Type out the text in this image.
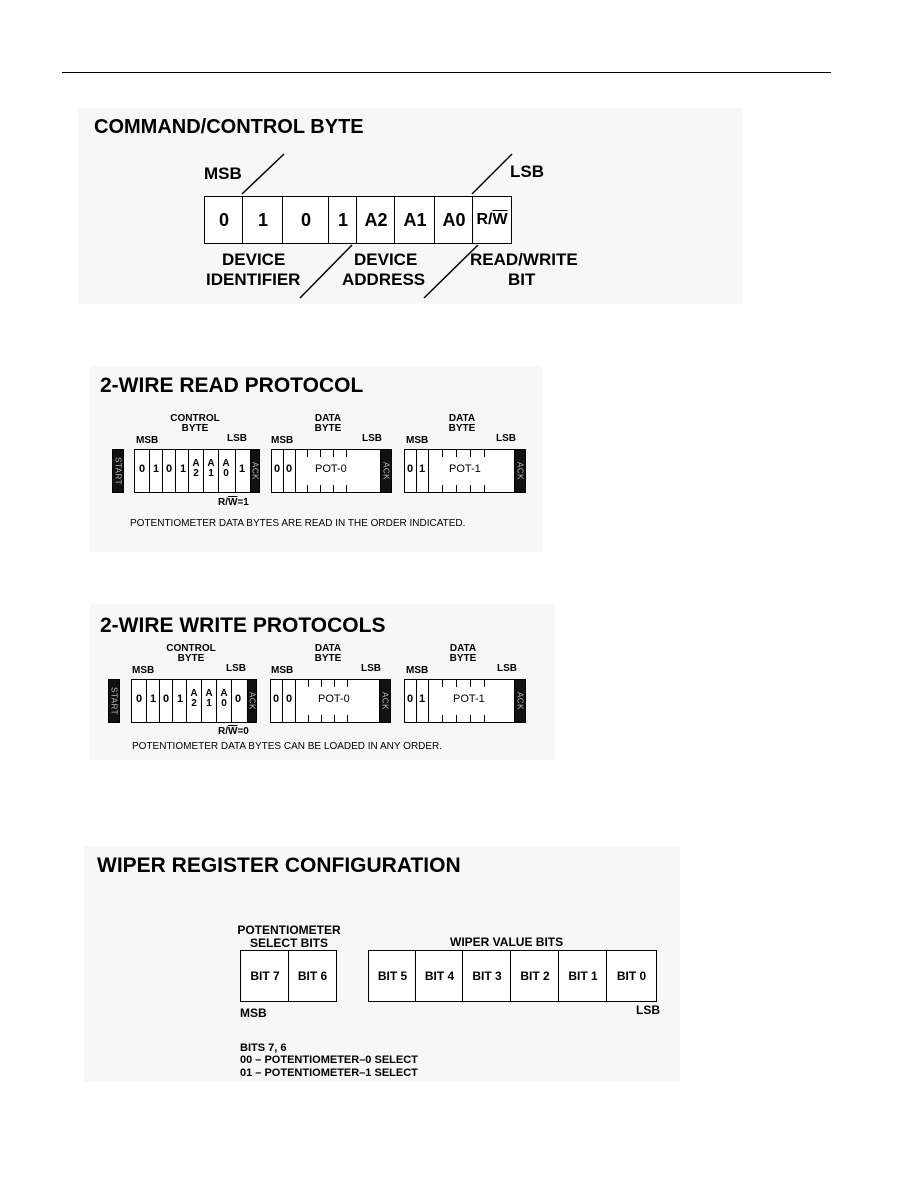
COMMAND/CONTROL BYTE
MSB	LSB
0	1	0	1 A2 A1 A0 R/ $\overline{W}$
DEVICE
IDENTIFIER
DEVICE
ADDRESS
READ/WRITE
BIT
2-WIRE READ PROTOCOL
CONTROL
BYTE
DATA
BYTE
DATA
BYTE
MSB	LSB MSB	LSB MSB	LSB
START 0 1 0 1 A
2
A
1
A
0 1 ACK 0 0 POT-0	ACK 0 1 POT-1	ACK
$R/\overline{W}=1$
POTENTIOMETER DATA BYTES ARE READ IN THE ORDER INDICATED.
2-WIRE WRITE PROTOCOLS
CONTROL
BYTE
DATA
BYTE
DATA
BYTE
MSB	LSB	MSB	LSB	MSB	LSB
START 0 1 0 1 A
2
A
1
A
0 0 ACK 0 0 POT-0	ACK 0 1	POT-1	ACK
$R/\overline{W}=0$
POTENTIOMETER DATA BYTES CAN BE LOADED IN ANY ORDER.
WIPER REGISTER CONFIGURATION
POTENTIOMETER
SELECT BITS	WIPER VALUE BITS
BIT 7	BIT 6	BIT 5	BIT 4	BIT 3	BIT 2	BIT 1	BIT 0
MSB	LSB
BITS 7, 6
00 – POTENTIOMETER–0 SELECT
01 – POTENTIOMETER–1 SELECT
